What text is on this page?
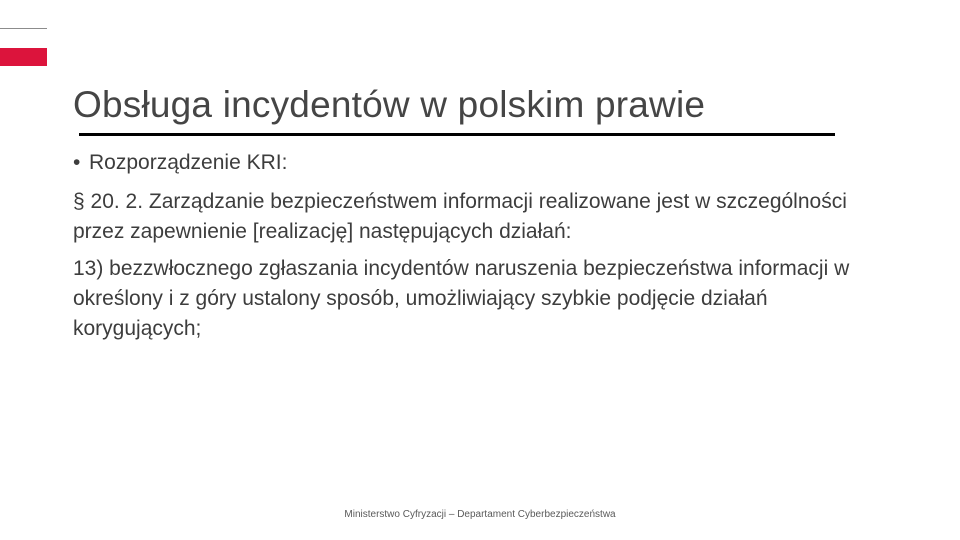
Obsługa incydentów w polskim prawie
• Rozporządzenie KRI:

§ 20. 2. Zarządzanie bezpieczeństwem informacji realizowane jest w szczególności przez zapewnienie [realizację] następujących działań:

13) bezzwłocznego zgłaszania incydentów naruszenia bezpieczeństwa informacji w określony i z góry ustalony sposób, umożliwiający szybkie podjęcie działań korygujących;

Ministerstwo Cyfryzacji – Departament Cyberbezpieczeństwa
